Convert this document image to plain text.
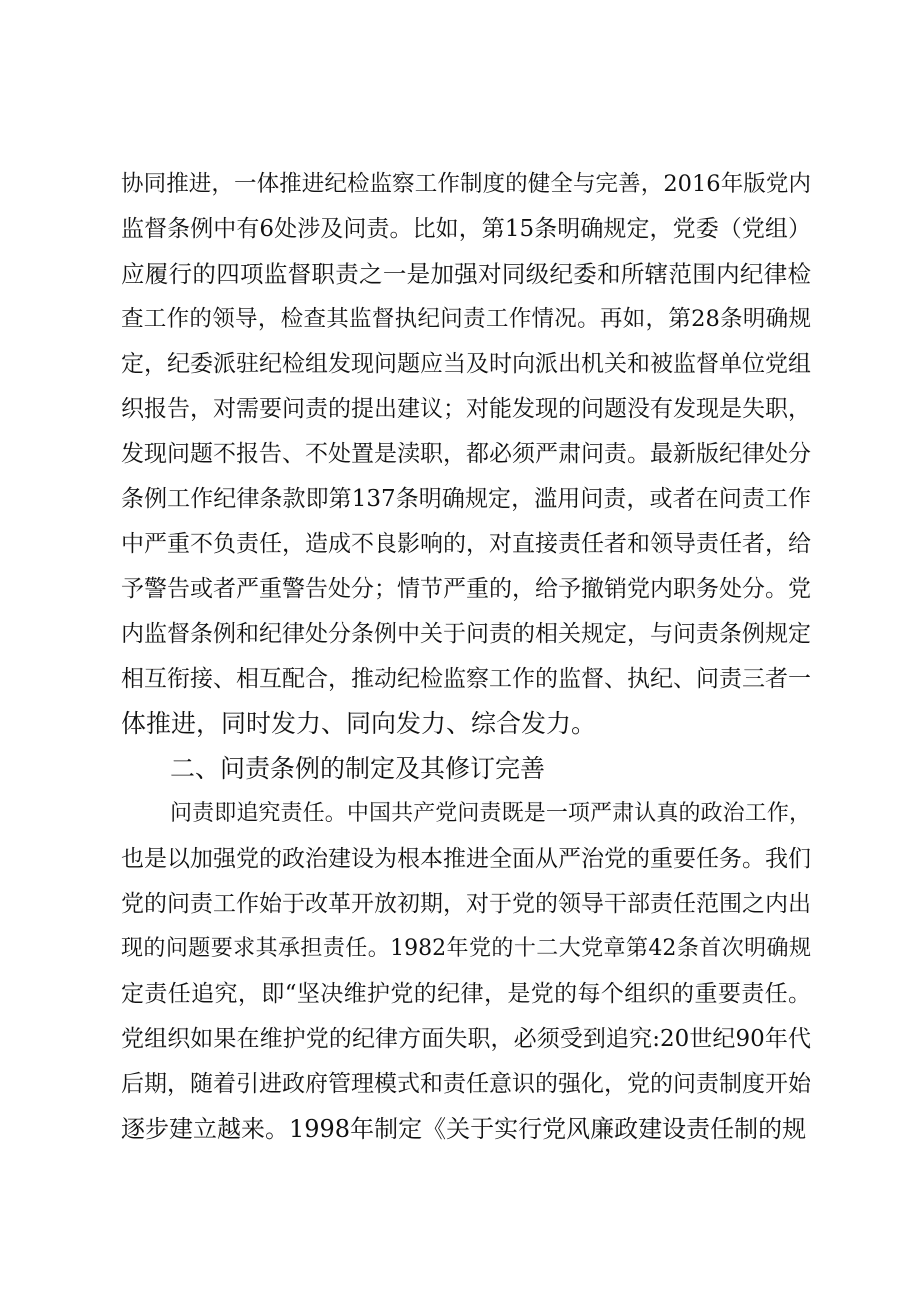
协同推进，一体推进纪检监察工作制度的健全与完善，2016年版党内
监督条例中有6处涉及问责。比如，第15条明确规定，党委（党组）
应履行的四项监督职责之一是加强对同级纪委和所辖范围内纪律检
查工作的领导，检查其监督执纪问责工作情况。再如，第28条明确规
定，纪委派驻纪检组发现问题应当及时向派出机关和被监督单位党组
织报告，对需要问责的提出建议；对能发现的问题没有发现是失职，
发现问题不报告、不处置是渎职，都必须严肃问责。最新版纪律处分
条例工作纪律条款即第137条明确规定，滥用问责，或者在问责工作
中严重不负责任，造成不良影响的，对直接责任者和领导责任者，给
予警告或者严重警告处分；情节严重的，给予撤销党内职务处分。党
内监督条例和纪律处分条例中关于问责的相关规定，与问责条例规定
相互衔接、相互配合，推动纪检监察工作的监督、执纪、问责三者一
体推进，同时发力、同向发力、综合发力。
二、问责条例的制定及其修订完善
问责即追究责任。中国共产党问责既是一项严肃认真的政治工作，
也是以加强党的政治建设为根本推进全面从严治党的重要任务。我们
党的问责工作始于改革开放初期，对于党的领导干部责任范围之内出
现的问题要求其承担责任。1982年党的十二大党章第42条首次明确规
定责任追究，即“坚决维护党的纪律，是党的每个组织的重要责任。
党组织如果在维护党的纪律方面失职，必须受到追究:20世纪90年代
后期，随着引进政府管理模式和责任意识的强化，党的问责制度开始
逐步建立越来。1998年制定《关于实行党风廉政建设责任制的规
